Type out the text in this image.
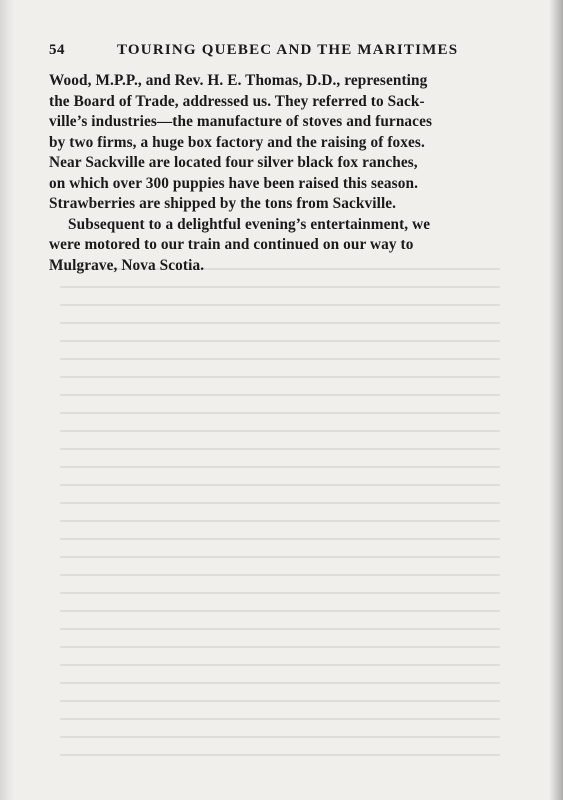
54	TOURING QUEBEC AND THE MARITIMES
Wood, M.P.P., and Rev. H. E. Thomas, D.D., representing
the Board of Trade, addressed us. They referred to Sack-
ville’s industries—the manufacture of stoves and furnaces
by two firms, a huge box factory and the raising of foxes.
Near Sackville are located four silver black fox ranches,
on which over 300 puppies have been raised this season.
Strawberries are shipped by the tons from Sackville.
Subsequent to a delightful evening’s entertainment, we
were motored to our train and continued on our way to
Mulgrave, Nova Scotia.
